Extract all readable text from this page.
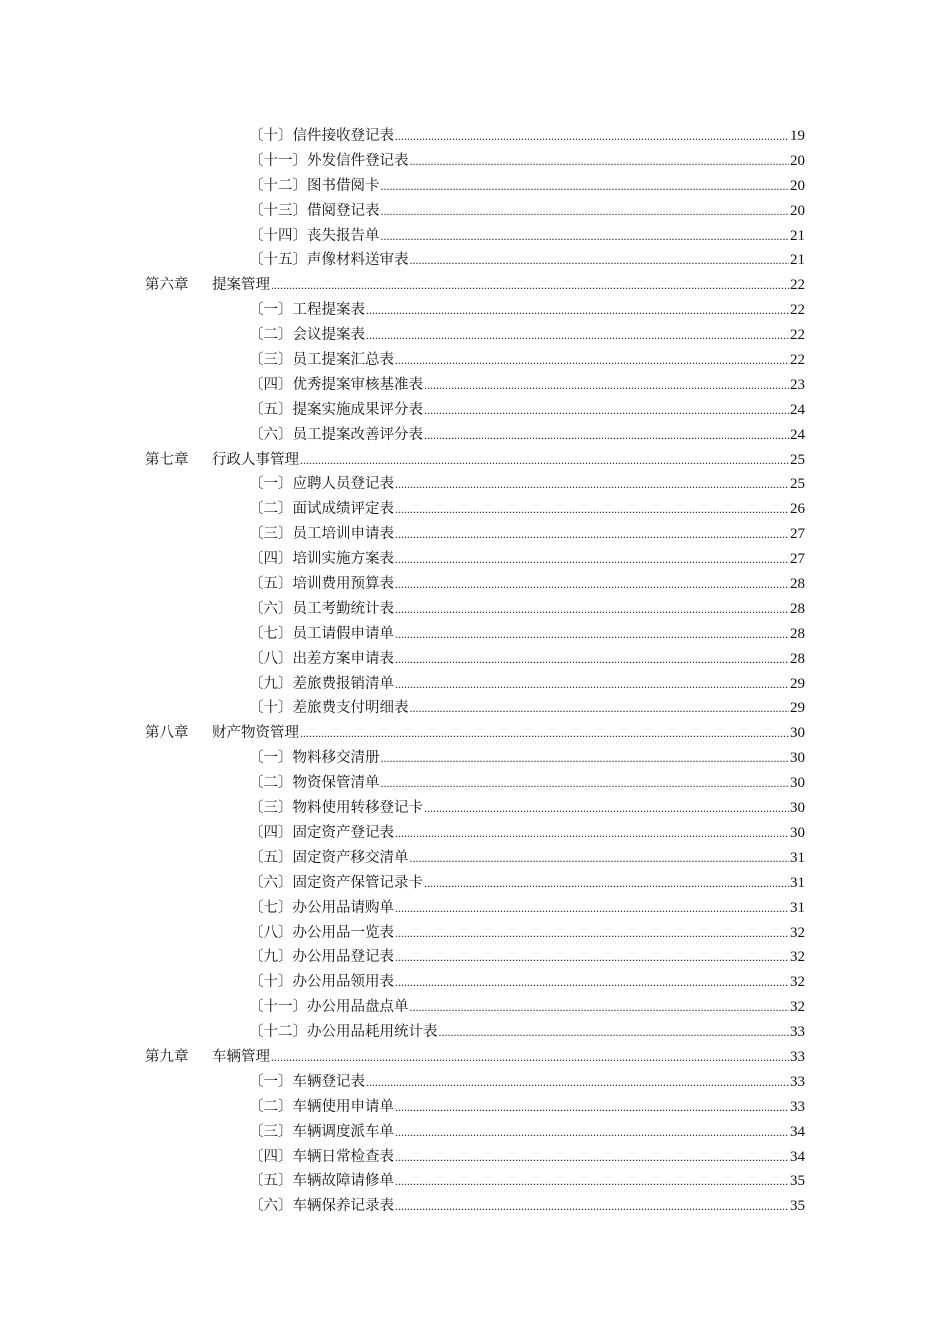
〔十〕信件接收登记表 .....	19
〔十一〕外发信件登记表 .....	20
〔十二〕图书借阅卡 .....	20
〔十三〕借阅登记表 .....	20
〔十四〕丧失报告单 .....	21
〔十五〕声像材料送审表 .....	21
第六章 提案管理 .....	22
〔一〕工程提案表 .....	22
〔二〕会议提案表 .....	22
〔三〕员工提案汇总表 .....	22
〔四〕优秀提案审核基准表 .....	23
〔五〕提案实施成果评分表 .....	24
〔六〕员工提案改善评分表 .....	24
第七章 行政人事管理 .....	25
〔一〕应聘人员登记表 .....	25
〔二〕面试成绩评定表 .....	26
〔三〕员工培训申请表 .....	27
〔四〕培训实施方案表 .....	27
〔五〕培训费用预算表 .....	28
〔六〕员工考勤统计表 .....	28
〔七〕员工请假申请单 .....	28
〔八〕出差方案申请表 .....	28
〔九〕差旅费报销清单 .....	29
〔十〕差旅费支付明细表 .....	29
第八章 财产物资管理 .....	30
〔一〕物料移交清册 .....	30
〔二〕物资保管清单 .....	30
〔三〕物料使用转移登记卡 .....	30
〔四〕固定资产登记表 .....	30
〔五〕固定资产移交清单 .....	31
〔六〕固定资产保管记录卡 .....	31
〔七〕办公用品请购单 .....	31
〔八〕办公用品一览表 .....	32
〔九〕办公用品登记表 .....	32
〔十〕办公用品领用表 .....	32
〔十一〕办公用品盘点单 .....	32
〔十二〕办公用品耗用统计表 .....	33
第九章 车辆管理 .....	33
〔一〕车辆登记表 .....	33
〔二〕车辆使用申请单 .....	33
〔三〕车辆调度派车单 .....	34
〔四〕车辆日常检查表 .....	34
〔五〕车辆故障请修单 .....	35
〔六〕车辆保养记录表 .....	35
